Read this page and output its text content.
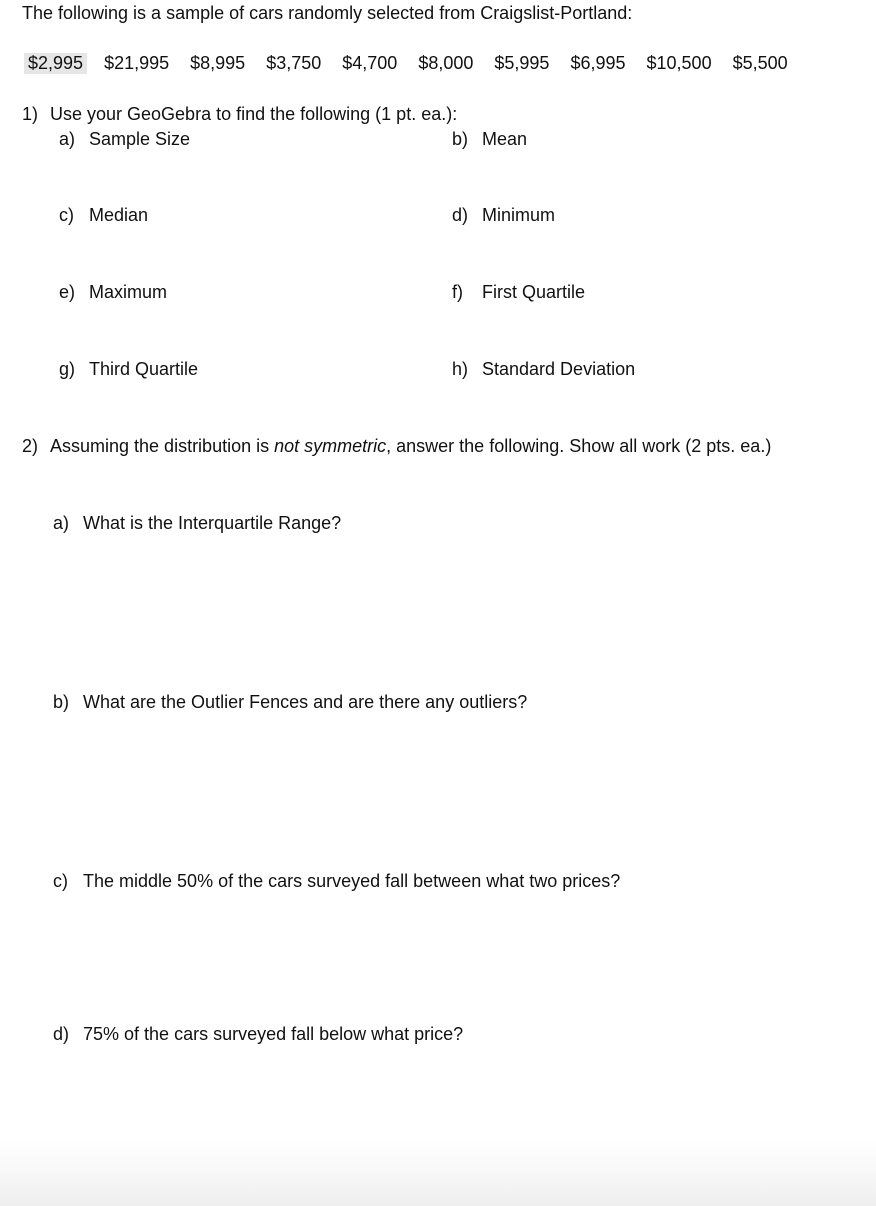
The following is a sample of cars randomly selected from Craigslist-Portland:
$2,995 $21,995 $8,995 $3,750 $4,700 $8,000 $5,995 $6,995 $10,500 $5,500
1) Use your GeoGebra to find the following (1 pt. ea.):
a) Sample Size	b) Mean
c) Median	d) Minimum
e) Maximum	f) First Quartile
g) Third Quartile	h) Standard Deviation
2) Assuming the distribution is not symmetric, answer the following. Show all work (2 pts. ea.)
a) What is the Interquartile Range?
b) What are the Outlier Fences and are there any outliers?
c) The middle 50% of the cars surveyed fall between what two prices?
d) 75% of the cars surveyed fall below what price?
